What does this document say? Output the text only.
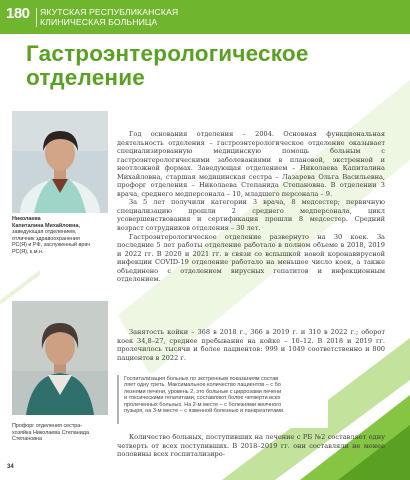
180 ЯКУТСКАЯ РЕСПУБЛИКАНСКАЯ
КЛИНИЧЕСКАЯ БОЛЬНИЦА
Гастроэнтерологическое
отделение
Николаева
Капиталина Михайловна,
заведующая отделением,
отличник здравоохранения
РС(Я) и РФ, заслуженный врач
РС(Я), к.м.н.
Профорг отделения сестра-
хозяйка Николаева Степанида
Степановна

Год основания отделения – 2004. Основная функциональная деятельность отделения – гастроэнтерологическое отделение оказывает специализированную медицинскую помощь больным с гастроэнтерологическими заболеваниями в плановой, экстренной и неотложной формах. Заведующая отделением – Николаева Капиталина Михайловна, старшая медицинская сестра – Лазарева Ольга Васильевна, профорг отделения – Николаева Степанида Степановна. В отделении 3 врача, среднего медперсонала – 10, младшего персонала – 9.

За 5 лет получили категории 3 врача, 8 медсестер; первичную специализацию прошли 2 среднего медперсонала, цикл усовершенствования и сертификация прошли 8 медсестер. Средний возраст сотрудников отделения – 30 лет.

Гастроэнтерологическое отделение развернуто на 30 коек. За последние 5 лет работы отделение работало в полном объеме в 2018, 2019 и 2022 гг. В 2020 и 2021 гг. в связи со вспышкой новой коронавирусной инфекции COVID-19 отделение работало на меньшее число коек, а также объединено с отделением вирусных гепатитов и инфекционным отделением.

Занятость койки – 368 в 2018 г., 366 в 2019 г. и 310 в 2022 г.; оборот коек 34,8–27, среднее пребывание на койке – 10–12. В 2018 и 2019 гг. пролечилось тысячи и более пациентов: 999 и 1049 соответственно и 800 пациентов в 2022 г.

Госпитализация больных по экстренным показаниям состав
ляет одну треть. Максимальное количество пациентов – с бо
лезнями печени, уровень 2, это больные с циррозами печени
и токсическими гепатитами, составляют более четверти всех
пролеченных больных. На 2-м месте – с болезнями желчного
пузыря, на 3-м месте – с язвенной болезнью и панкреатитами.

Количество больных, поступивших на лечение с РБ №2 составляет одну четверть от всех поступивших. В 2018–2019 гг. они составляли не менее половины всех госпитализиро-

34
